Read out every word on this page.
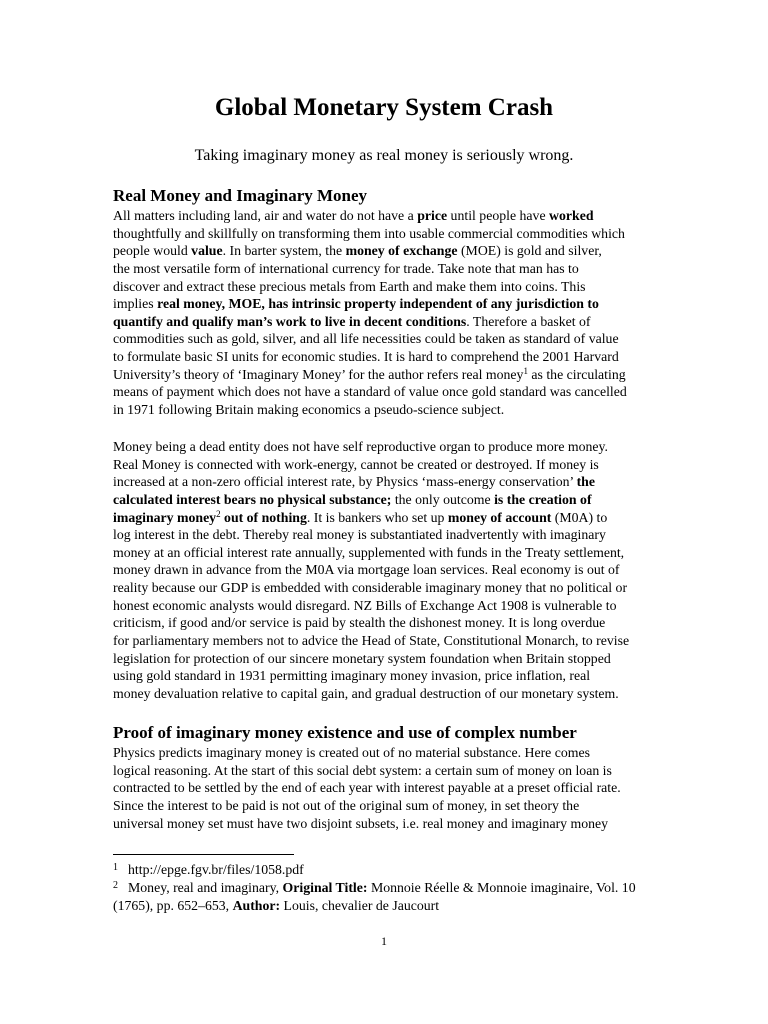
Global Monetary System Crash
Taking imaginary money as real money is seriously wrong.
Real Money and Imaginary Money
All matters including land, air and water do not have a price until people have worked
thoughtfully and skillfully on transforming them into usable commercial commodities which
people would value. In barter system, the money of exchange (MOE) is gold and silver,
the most versatile form of international currency for trade. Take note that man has to
discover and extract these precious metals from Earth and make them into coins. This
implies real money, MOE, has intrinsic property independent of any jurisdiction to
quantify and qualify man’s work to live in decent conditions. Therefore a basket of
commodities such as gold, silver, and all life necessities could be taken as standard of value
to formulate basic SI units for economic studies. It is hard to comprehend the 2001 Harvard
University’s theory of ‘Imaginary Money’ for the author refers real money$^1$ as the circulating
means of payment which does not have a standard of value once gold standard was cancelled
in 1971 following Britain making economics a pseudo-science subject.
Money being a dead entity does not have self reproductive organ to produce more money.
Real Money is connected with work-energy, cannot be created or destroyed. If money is
increased at a non-zero official interest rate, by Physics ‘mass-energy conservation’ the
calculated interest bears no physical substance; the only outcome is the creation of
imaginary money$^2$ out of nothing. It is bankers who set up money of account (M0A) to
log interest in the debt. Thereby real money is substantiated inadvertently with imaginary
money at an official interest rate annually, supplemented with funds in the Treaty settlement,
money drawn in advance from the M0A via mortgage loan services. Real economy is out of
reality because our GDP is embedded with considerable imaginary money that no political or
honest economic analysts would disregard. NZ Bills of Exchange Act 1908 is vulnerable to
criticism, if good and/or service is paid by stealth the dishonest money. It is long overdue
for parliamentary members not to advice the Head of State, Constitutional Monarch, to revise
legislation for protection of our sincere monetary system foundation when Britain stopped
using gold standard in 1931 permitting imaginary money invasion, price inflation, real
money devaluation relative to capital gain, and gradual destruction of our monetary system.
Proof of imaginary money existence and use of complex number
Physics predicts imaginary money is created out of no material substance. Here comes
logical reasoning. At the start of this social debt system: a certain sum of money on loan is
contracted to be settled by the end of each year with interest payable at a preset official rate.
Since the interest to be paid is not out of the original sum of money, in set theory the
universal money set must have two disjoint subsets, i.e. real money and imaginary money
1 http://epge.fgv.br/files/1058.pdf
2 Money, real and imaginary, Original Title: Monnoie Réelle & Monnoie imaginaire, Vol. 10
(1765), pp. 652–653, Author: Louis, chevalier de Jaucourt
1
